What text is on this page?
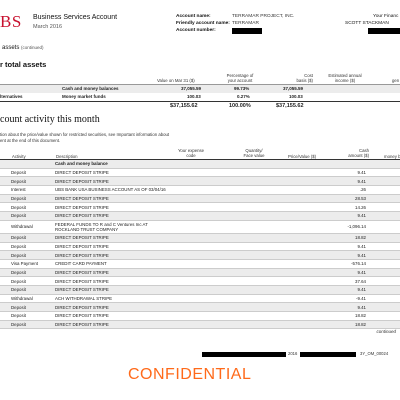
BS Business Services Account
March 2016
Account name:	TERRAMAR PROJECT, INC.
Friendly account name: TERRAMAR
Account number:
Your Financ
SCOTT STACKMAN
assets (continued)
r total assets
Value on Mar 31 ($)
Percentage of your account
Cost basis ($)
Estimated annual income ($)	gen
Cash and money balances	37,055.59	99.73%	37,055.59
lternatives	Money market funds	100.03	0.27%	100.03
$37,155.62	100.00%	$37,155.62
count activity this month
tion about the price/value shown for restricted securities, see Important information about
ent at the end of this document.
Activity	Description
Your expense code
Quantity/ Face value	Price/Value ($)
Cash amount ($)	money b
		Cash and money balance					
	Deposit	DIRECT DEPOSIT STRIPE				9.41	
	Deposit	DIRECT DEPOSIT STRIPE				9.41	
	Interest	UBS BANK USA BUSINESS ACCOUNT AS OF 03/04/16				.26	
	Deposit	DIRECT DEPOSIT STRIPE				28.53	
	Deposit	DIRECT DEPOSIT STRIPE				14.26	
	Deposit	DIRECT DEPOSIT STRIPE				9.41	
	Withdrawal	FEDERAL FUNDS TO R and C Ventures Inc AT
ROCKLAND TRUST COMPANY				-1,096.14	
	Deposit	DIRECT DEPOSIT STRIPE				18.82	
	Deposit	DIRECT DEPOSIT STRIPE				9.41	
	Deposit	DIRECT DEPOSIT STRIPE				9.41	
	Visa Payment	CREDIT CARD PAYMENT				-576.14	
	Deposit	DIRECT DEPOSIT STRIPE				9.41	
	Deposit	DIRECT DEPOSIT STRIPE				37.64	
	Deposit	DIRECT DEPOSIT STRIPE				9.41	
	Withdrawal	ACH WITHDRAWAL STRIPE				-9.41	
	Deposit	DIRECT DEPOSIT STRIPE				9.41	
	Deposit	DIRECT DEPOSIT STRIPE				18.82	
	Deposit	DIRECT DEPOSIT STRIPE				18.82	
continued
2016	3Y_OM_00024
CONFIDENTIAL
